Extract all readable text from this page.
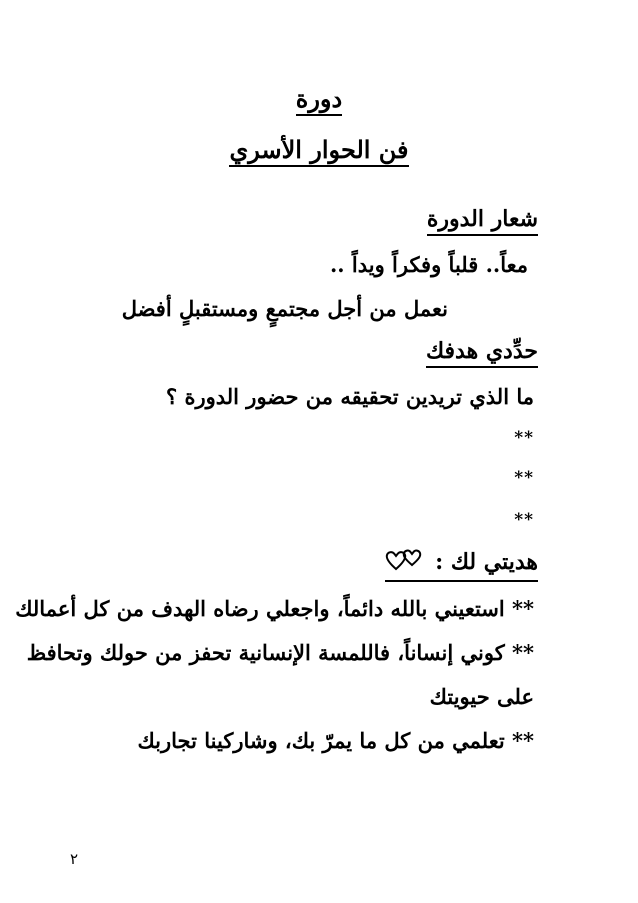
دورة
فن الحوار الأسري
شعار الدورة
معاً.. قلباً وفكراً ويداً ..
نعمل من أجل مجتمعٍ ومستقبلٍ أفضل
حدِّدي هدفك
ما الذي تريدين تحقيقه من حضور الدورة ؟
**
**
**
هديتي لك :
** استعيني بالله دائماً، واجعلي رضاه الهدف من كل أعمالك
** كوني إنساناً، فاللمسة الإنسانية تحفز من حولك وتحافظ
على حيويتك
** تعلمي من كل ما يمرّ بك، وشاركينا تجاربك
٢
